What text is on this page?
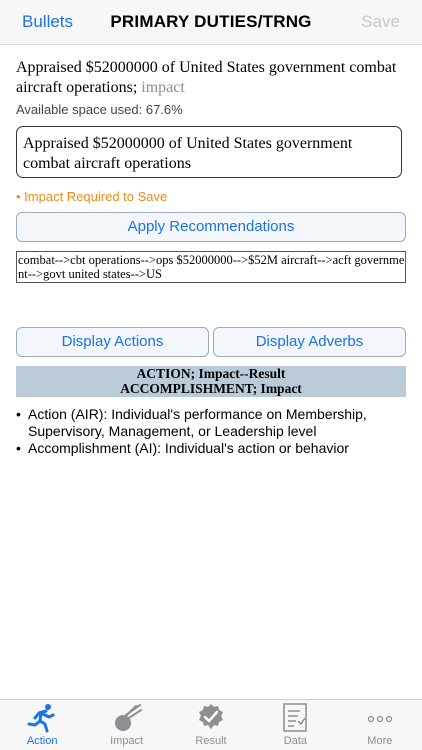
Bullets	PRIMARY DUTIES/TRNG	Save
Appraised $52000000 of United States government combat aircraft operations; impact
Available space used: 67.6%
Appraised $52000000 of United States government combat aircraft operations
• Impact Required to Save
Apply Recommendations
combat-->cbt operations-->ops $52000000-->$52M aircraft-->acft government-->govt united states-->US
Display Actions	Display Adverbs
ACTION; Impact--Result
ACCOMPLISHMENT; Impact
• Action (AIR): Individual's performance on Membership, Supervisory, Management, or Leadership level
• Accomplishment (AI): Individual's action or behavior
Action	Impact	Result	Data	More
